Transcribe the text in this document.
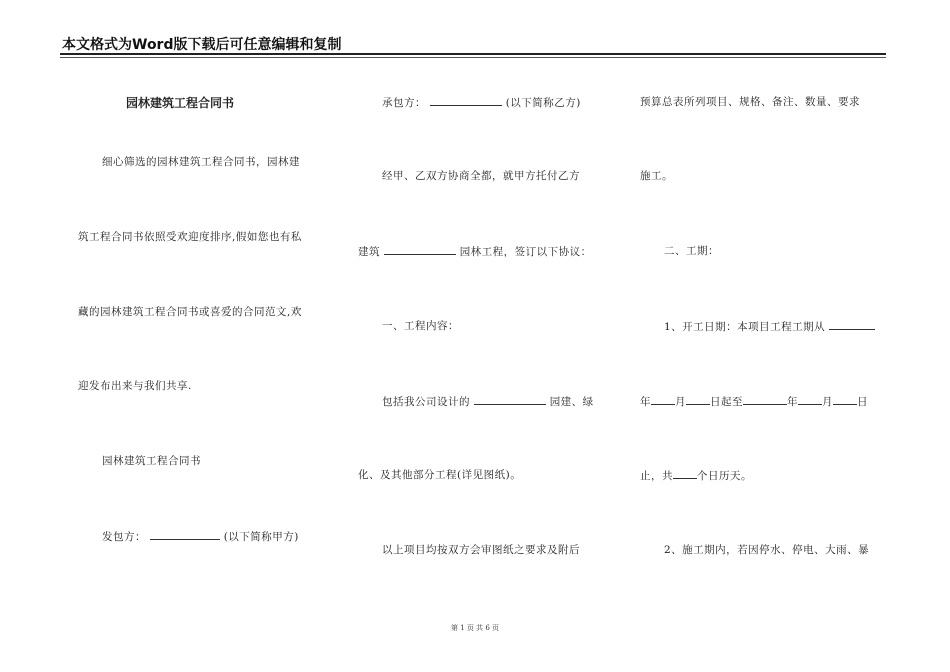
本文格式为Word版下载后可任意编辑和复制
园林建筑工程合同书
细心筛选的园林建筑工程合同书，园林建
筑工程合同书依照受欢迎度排序,假如您也有私
藏的园林建筑工程合同书或喜爱的合同范文,欢
迎发布出来与我们共享.
园林建筑工程合同书
发包方：	(以下简称甲方)
承包方：	(以下简称乙方)
经甲、乙双方协商全都，就甲方托付乙方
建筑	园林工程，签订以下协议：
一、工程内容：
包括我公司设计的	园建、绿
化、及其他部分工程(详见图纸)。
以上项目均按双方会审图纸之要求及附后
预算总表所列项目、规格、备注、数量、要求
施工。
二、工期：
1、开工日期：本项目工程工期从
年 月 日起至	年 月 日
止，共 个日历天。
2、施工期内，若因停水、停电、大雨、暴
第 1 页 共 6 页
